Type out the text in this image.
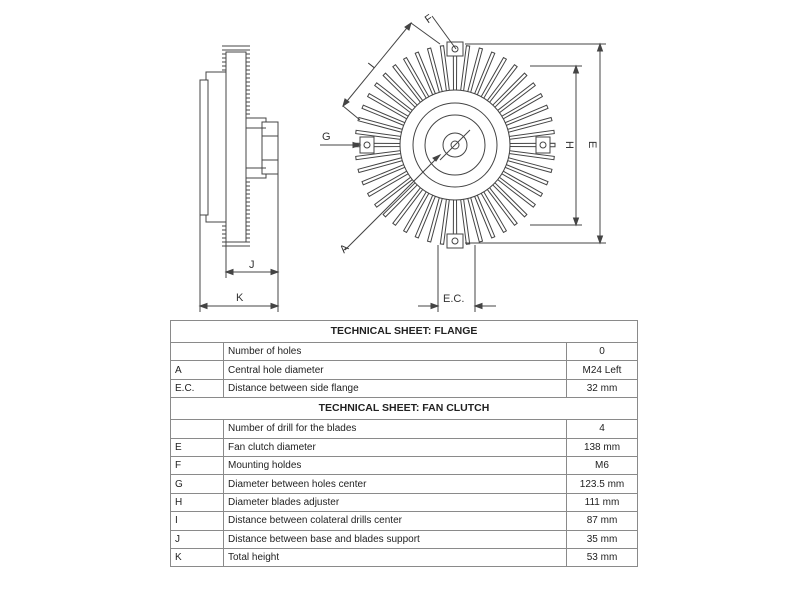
J
K
F
I
G
H E
A
E.C.
TECHNICAL SHEET: FLANGE		
	Number of holes	0
A	Central hole diameter	M24 Left
E.C.	Distance between side flange	32 mm
TECHNICAL SHEET: FAN CLUTCH		
	Number of drill for the blades	4
E	Fan clutch diameter	138 mm
F	Mounting holdes	M6
G	Diameter between holes center	123.5 mm
H	Diameter blades adjuster	111 mm
I	Distance between colateral drills center	87 mm
J	Distance between base and blades support	35 mm
K	Total height	53 mm
